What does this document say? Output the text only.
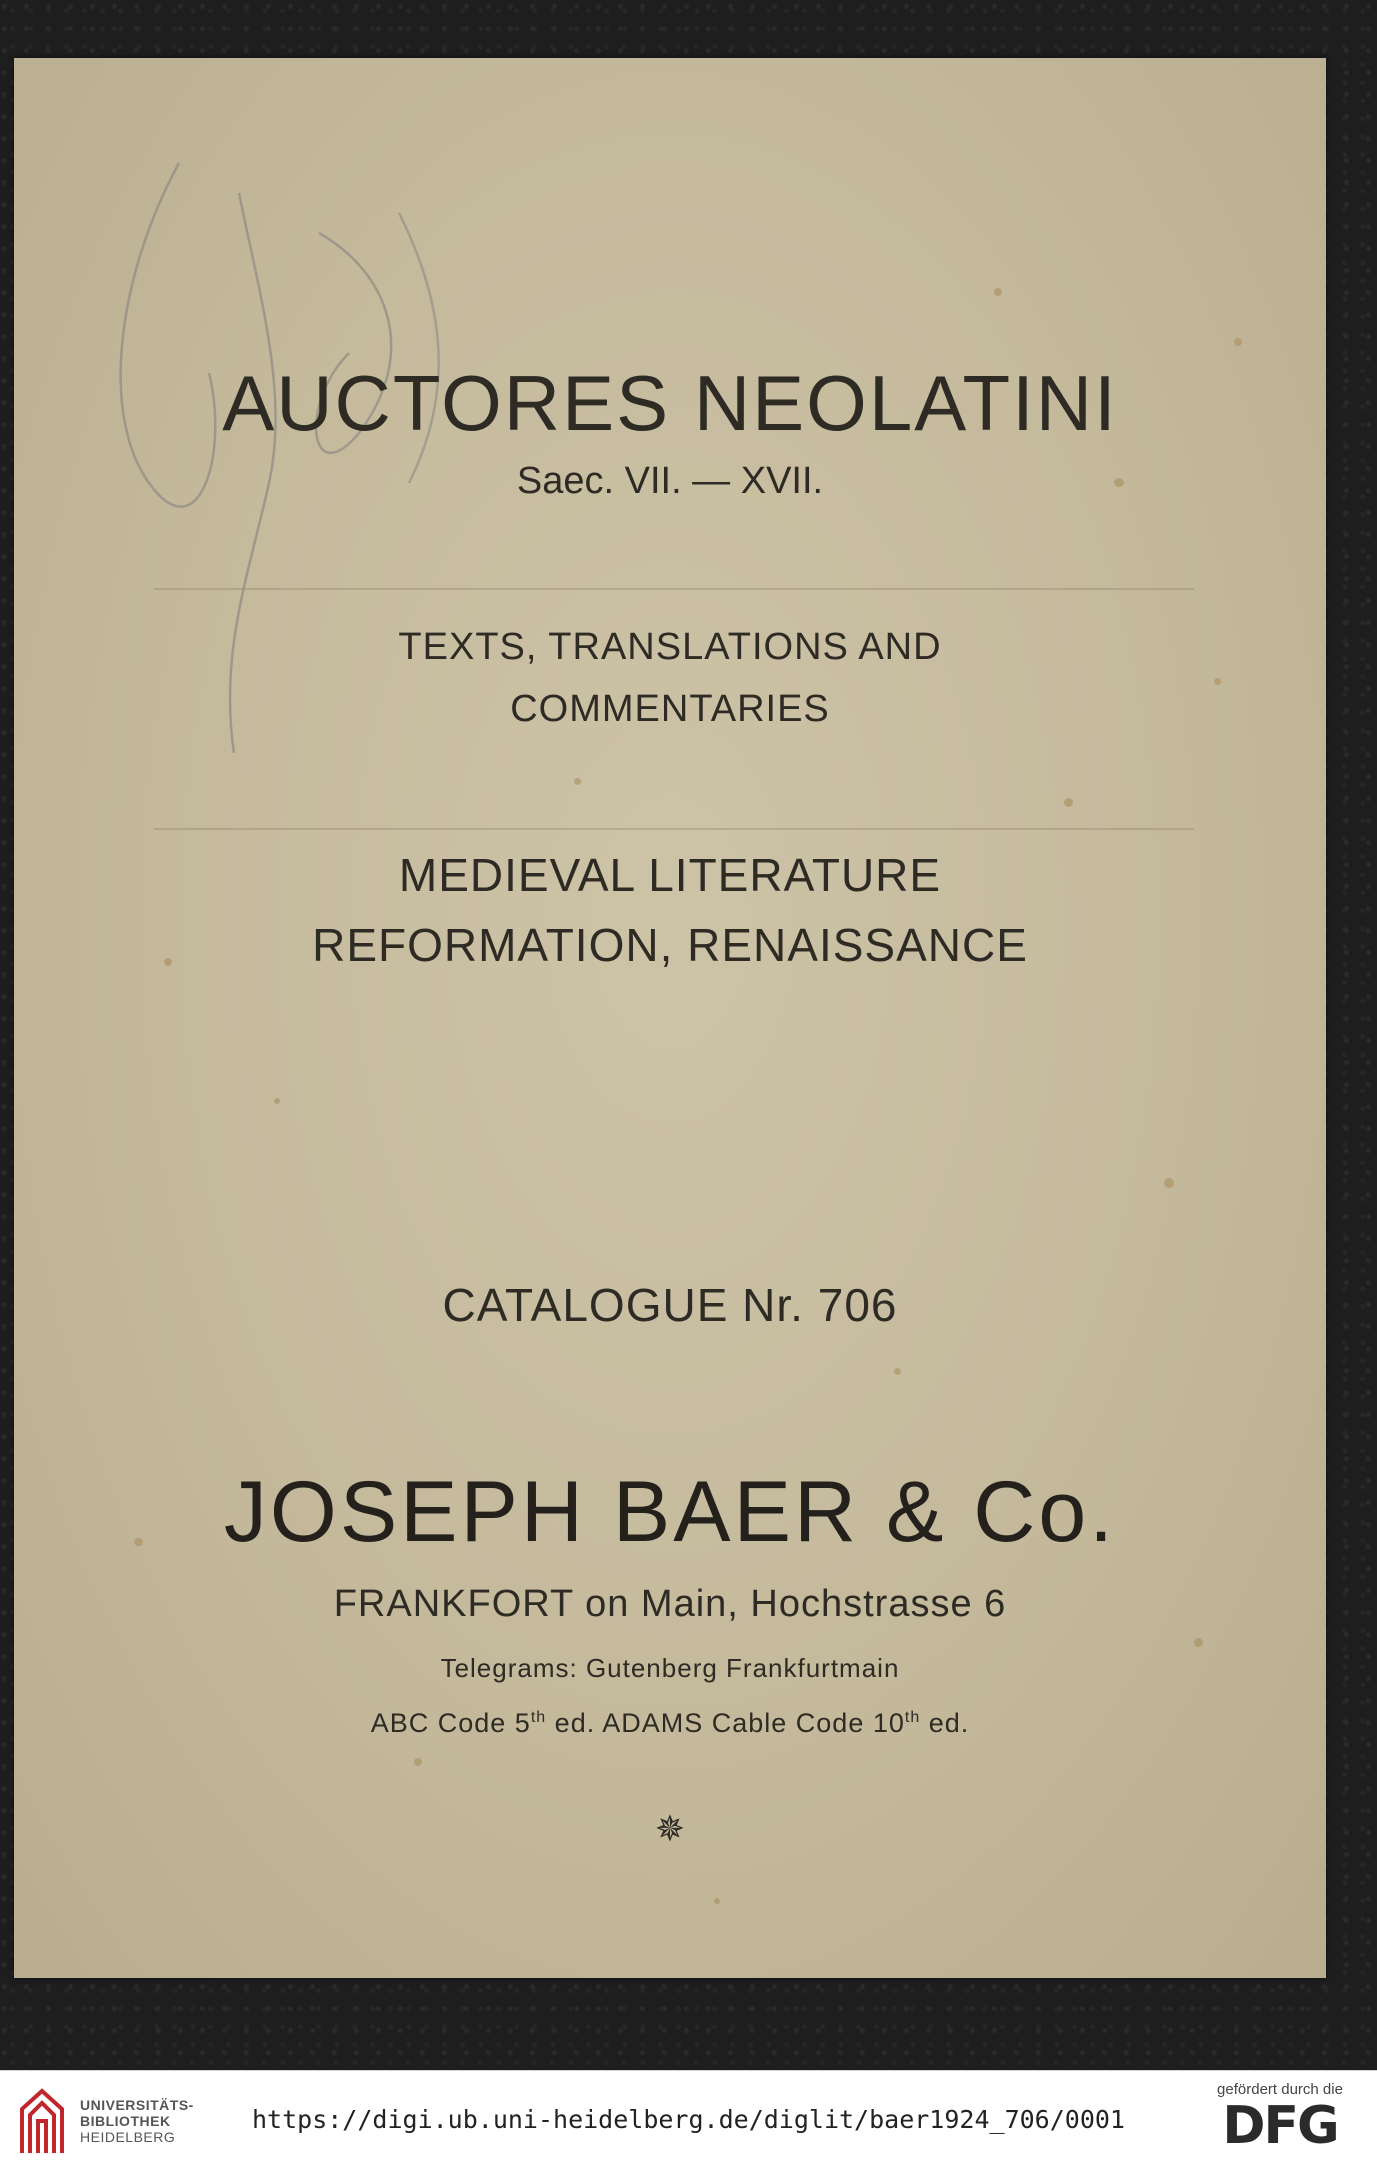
AUCTORES NEOLATINI
Saec. VII. — XVII.
TEXTS, TRANSLATIONS AND
COMMENTARIES
MEDIEVAL LITERATURE
REFORMATION, RENAISSANCE
CATALOGUE Nr. 706
JOSEPH BAER & Co.
FRANKFORT on Main, Hochstrasse 6
Telegrams: Gutenberg Frankfurtmain
ABC Code 5th ed. ADAMS Cable Code 10th ed.
✵
UNIVERSITÄTS-
BIBLIOTHEK
HEIDELBERG
https://digi.ub.uni-heidelberg.de/diglit/baer1924_706/0001
gefördert durch die
DFG
